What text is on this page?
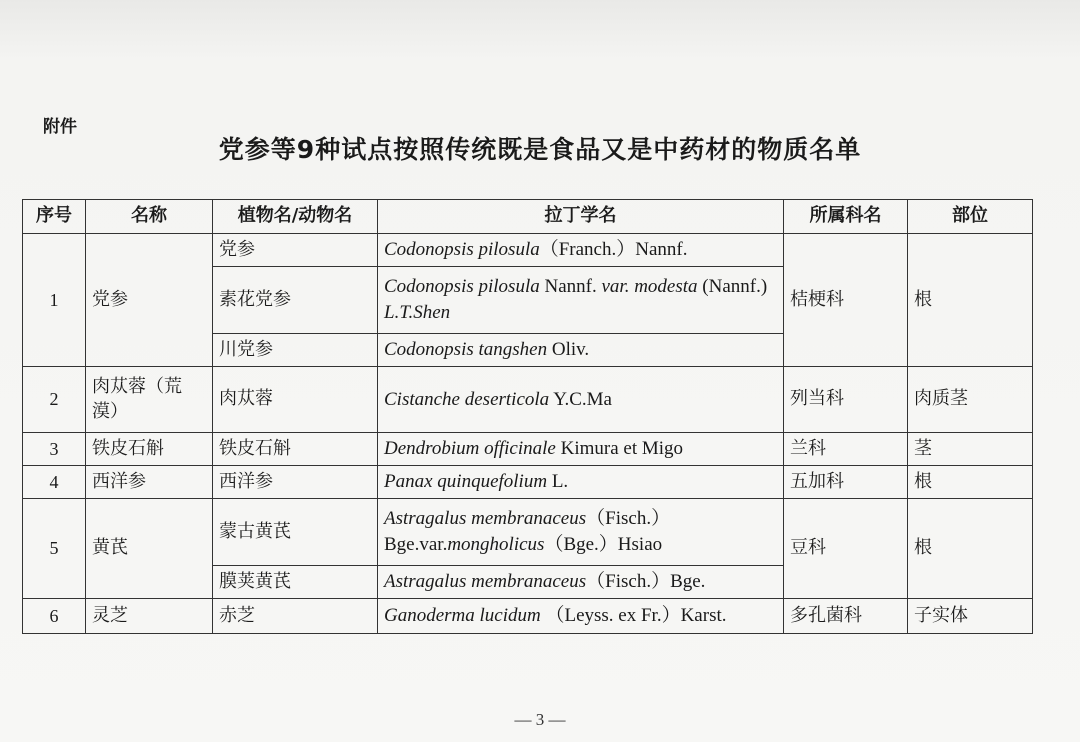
附件
党参等9种试点按照传统既是食品又是中药材的物质名单
序号	名称	植物名/动物名	拉丁学名	所属科名	部位
1	党参	党参	Codonopsis pilosula（Franch.）Nannf.	桔梗科	根
		素花党参	Codonopsis pilosula Nannf. var. modesta (Nannf.) L.T.Shen		
		川党参	Codonopsis tangshen Oliv.		
2	肉苁蓉（荒漠）	肉苁蓉	Cistanche deserticola Y.C.Ma	列当科	肉质茎
3	铁皮石斛	铁皮石斛	Dendrobium officinale Kimura et Migo	兰科	茎
4	西洋参	西洋参	Panax quinquefolium L.	五加科	根
5	黄芪	蒙古黄芪	Astragalus membranaceus（Fisch.）Bge.var.mongholicus（Bge.）Hsiao	豆科	根
		膜荚黄芪	Astragalus membranaceus（Fisch.）Bge.		
6	灵芝	赤芝	Ganoderma lucidum （Leyss. ex Fr.）Karst.	多孔菌科	子实体
— 3 —
